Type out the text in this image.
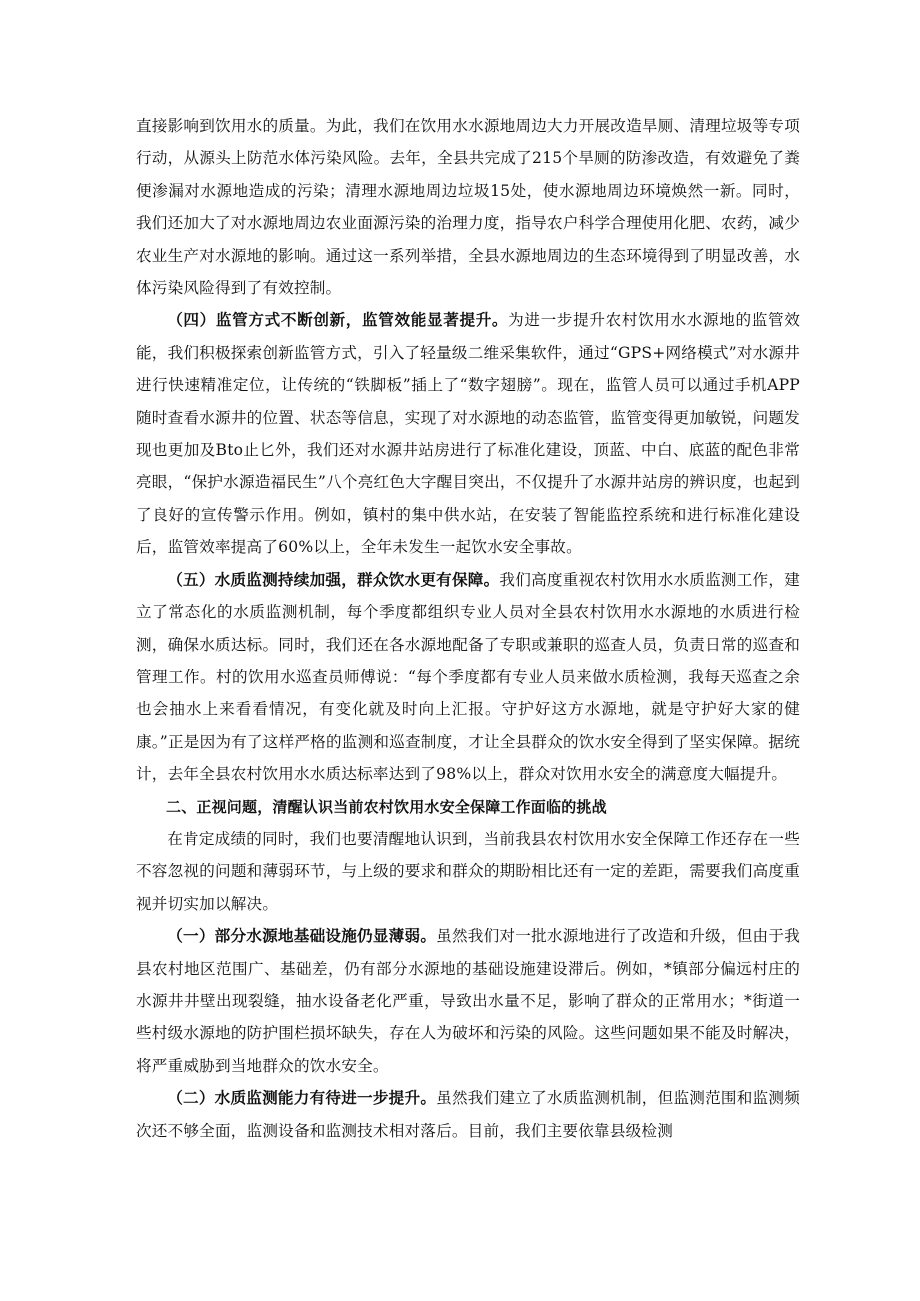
直接影响到饮用水的质量。为此，我们在饮用水水源地周边大力开展改造旱厕、清理垃圾等专项行动，从源头上防范水体污染风险。去年，全县共完成了215个旱厕的防渗改造，有效避免了粪便渗漏对水源地造成的污染；清理水源地周边垃圾15处，使水源地周边环境焕然一新。同时，我们还加大了对水源地周边农业面源污染的治理力度，指导农户科学合理使用化肥、农药，减少农业生产对水源地的影响。通过这一系列举措，全县水源地周边的生态环境得到了明显改善，水体污染风险得到了有效控制。

（四）监管方式不断创新，监管效能显著提升。为进一步提升农村饮用水水源地的监管效能，我们积极探索创新监管方式，引入了轻量级二维采集软件，通过“GPS+网络模式”对水源井进行快速精准定位，让传统的“铁脚板”插上了“数字翅膀”。现在，监管人员可以通过手机APP随时查看水源井的位置、状态等信息，实现了对水源地的动态监管，监管变得更加敏锐，问题发现也更加及Bto止匕外，我们还对水源井站房进行了标准化建设，顶蓝、中白、底蓝的配色非常亮眼，“保护水源造福民生”八个亮红色大字醒目突出，不仅提升了水源井站房的辨识度，也起到了良好的宣传警示作用。例如，镇村的集中供水站，在安装了智能监控系统和进行标准化建设后，监管效率提高了60%以上，全年未发生一起饮水安全事故。

（五）水质监测持续加强，群众饮水更有保障。我们高度重视农村饮用水水质监测工作，建立了常态化的水质监测机制，每个季度都组织专业人员对全县农村饮用水水源地的水质进行检测，确保水质达标。同时，我们还在各水源地配备了专职或兼职的巡查人员，负责日常的巡查和管理工作。村的饮用水巡查员师傅说：“每个季度都有专业人员来做水质检测，我每天巡查之余也会抽水上来看看情况，有变化就及时向上汇报。守护好这方水源地，就是守护好大家的健康。”正是因为有了这样严格的监测和巡查制度，才让全县群众的饮水安全得到了坚实保障。据统计，去年全县农村饮用水水质达标率达到了98%以上，群众对饮用水安全的满意度大幅提升。

二、正视问题，清醒认识当前农村饮用水安全保障工作面临的挑战

在肯定成绩的同时，我们也要清醒地认识到，当前我县农村饮用水安全保障工作还存在一些不容忽视的问题和薄弱环节，与上级的要求和群众的期盼相比还有一定的差距，需要我们高度重视并切实加以解决。

（一）部分水源地基础设施仍显薄弱。虽然我们对一批水源地进行了改造和升级，但由于我县农村地区范围广、基础差，仍有部分水源地的基础设施建设滞后。例如，*镇部分偏远村庄的水源井井壁出现裂缝，抽水设备老化严重，导致出水量不足，影响了群众的正常用水；*街道一些村级水源地的防护围栏损坏缺失，存在人为破坏和污染的风险。这些问题如果不能及时解决，将严重威胁到当地群众的饮水安全。

（二）水质监测能力有待进一步提升。虽然我们建立了水质监测机制，但监测范围和监测频次还不够全面，监测设备和监测技术相对落后。目前，我们主要依靠县级检测
